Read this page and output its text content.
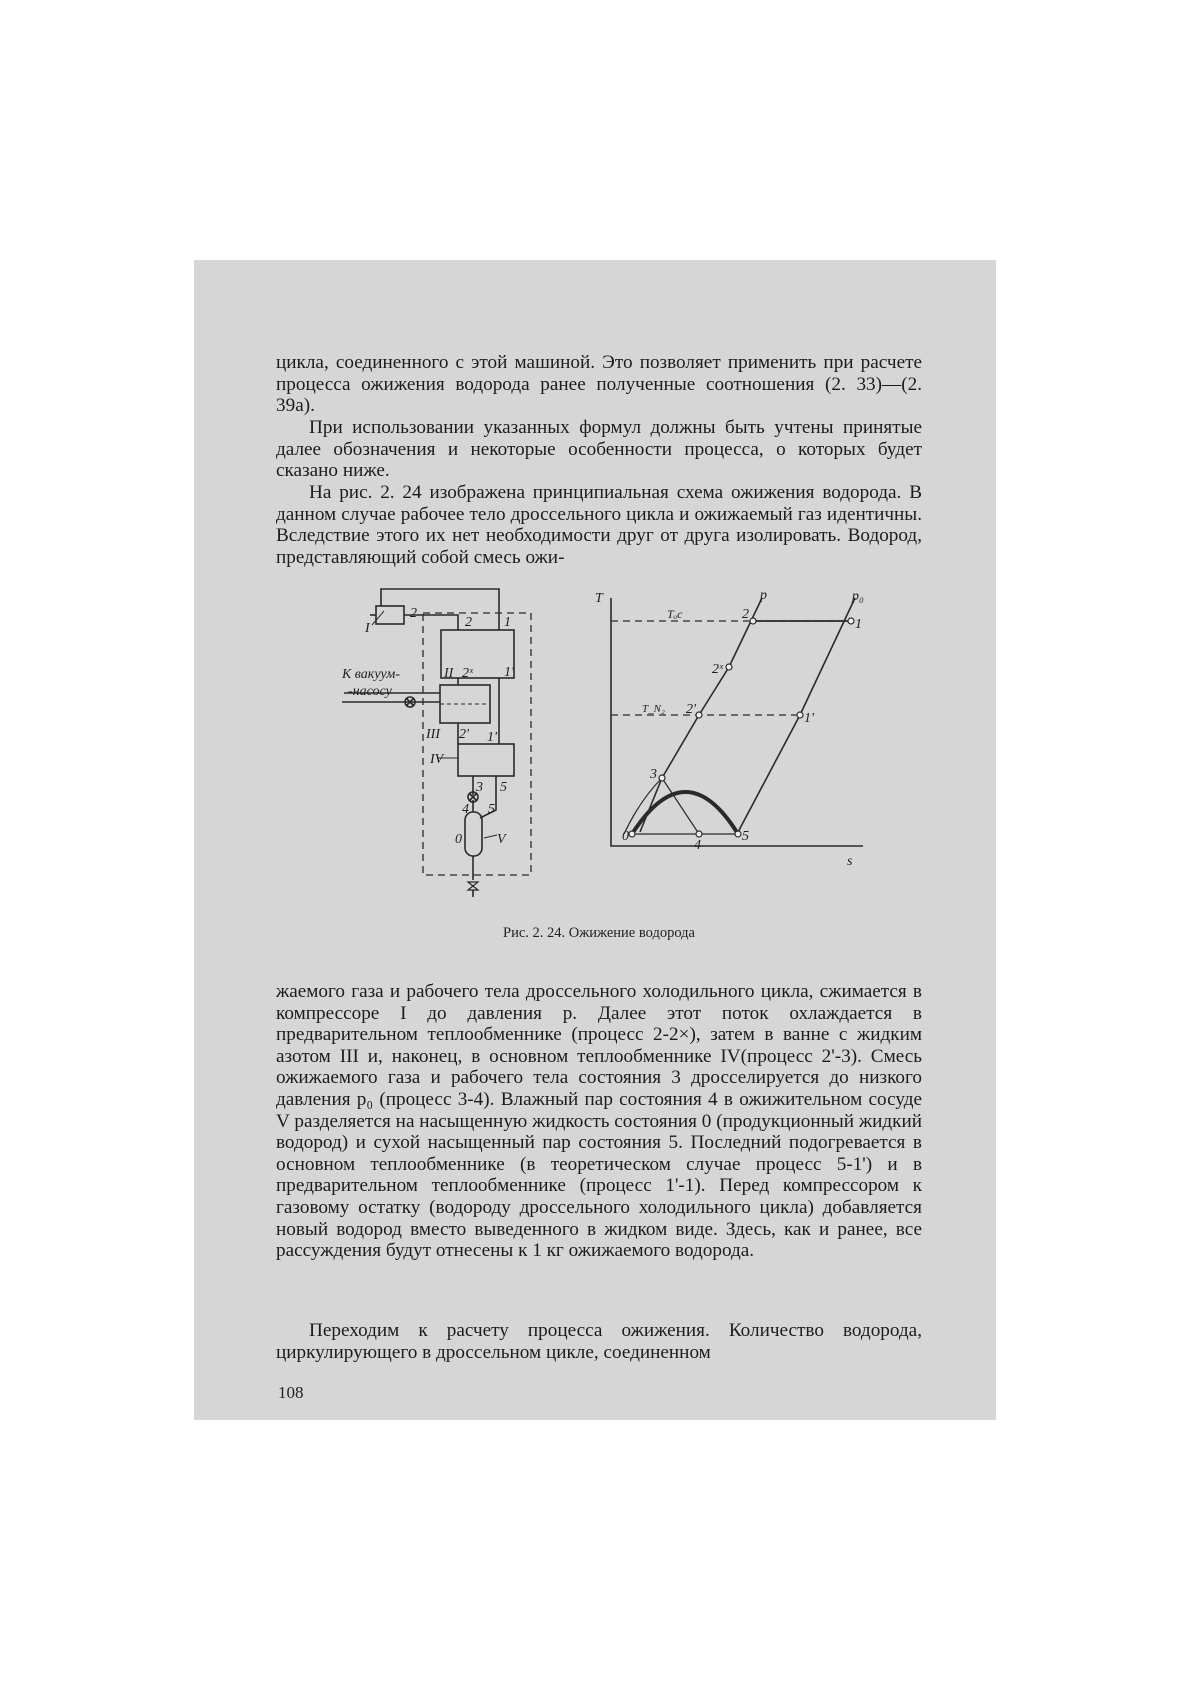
цикла, соединенного с этой машиной. Это позволяет применить при расчете процесса ожижения водорода ранее полученные соотношения (2. 33)—(2. 39а).

При использовании указанных формул должны быть учтены принятые далее обозначения и некоторые особенности процесса, о которых будет сказано ниже.

На рис. 2. 24 изображена принципиальная схема ожижения водорода. В данном случае рабочее тело дроссельного цикла и ожижаемый газ идентичны. Вследствие этого их нет необходимости друг от друга изолировать. Водород, представляющий собой смесь ожи-

I
2
2 1
II 2ˣ 1'
К вакуум-
-насосу
III 2' 1'
IV
3 5
4 5
0	V
T
s
p	p₀
Tₒc
T_N₂
2
1
2ˣ
2'
1'
3
0
4
5
Рис. 2. 24. Ожижение водорода

жаемого газа и рабочего тела дроссельного холодильного цикла, сжимается в компрессоре I до давления p. Далее этот поток охлаждается в предварительном теплообменнике (процесс 2-2×), затем в ванне с жидким азотом III и, наконец, в основном теплообменнике IV(процесс 2'-3). Смесь ожижаемого газа и рабочего тела состояния 3 дросселируется до низкого давления p₀ (процесс 3-4). Влажный пар состояния 4 в ожижительном сосуде V разделяется на насыщенную жидкость состояния 0 (продукционный жидкий водород) и сухой насыщенный пар состояния 5. Последний подогревается в основном теплообменнике (в теоретическом случае процесс 5-1') и в предварительном теплообменнике (процесс 1'-1). Перед компрессором к газовому остатку (водороду дроссельного холодильного цикла) добавляется новый водород вместо выведенного в жидком виде. Здесь, как и ранее, все рассуждения будут отнесены к 1 кг ожижаемого водорода.

Переходим к расчету процесса ожижения. Количество водорода, циркулирующего в дроссельном цикле, соединенном

108
